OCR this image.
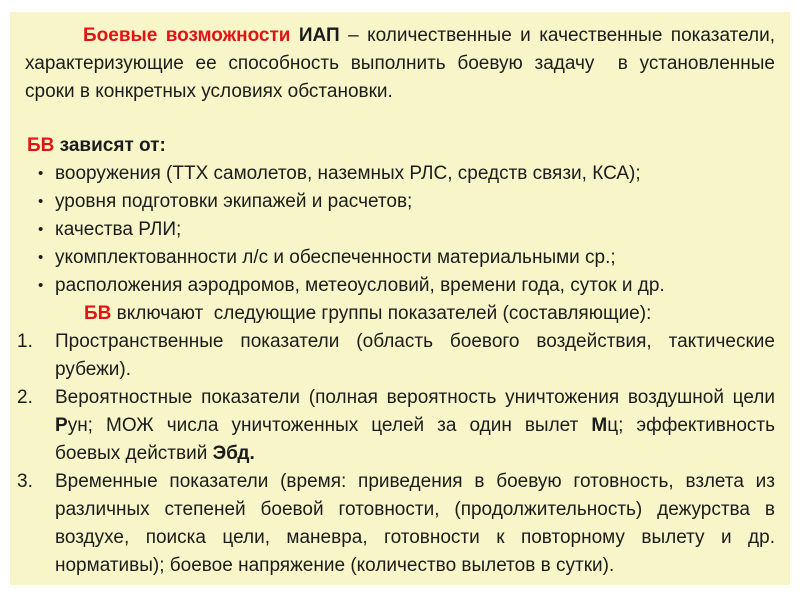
Боевые возможности ИАП – количественные и качественные показатели, характеризующие ее способность выполнить боевую задачу  в установленные сроки в конкретных условиях обстановки.

БВ зависят от:

• вооружения (ТТХ самолетов, наземных РЛС, средств связи, КСА);
• уровня подготовки экипажей и расчетов;
• качества РЛИ;
• укомплектованности л/с и обеспеченности материальными ср.;
• расположения аэродромов, метеоусловий, времени года, суток и др.

БВ включают  следующие группы показателей (составляющие):

1. Пространственные показатели (область боевого воздействия, тактические рубежи).
2. Вероятностные показатели (полная вероятность уничтожения воздушной цели Рун; МОЖ числа уничтоженных целей за один вылет Мц; эффективность боевых действий Эбд.
3. Временные показатели (время: приведения в боевую готовность, взлета из различных степеней боевой готовности, (продолжительность) дежурства в воздухе, поиска цели, маневра, готовности к повторному вылету и др. нормативы); боевое напряжение (количество вылетов в сутки).
